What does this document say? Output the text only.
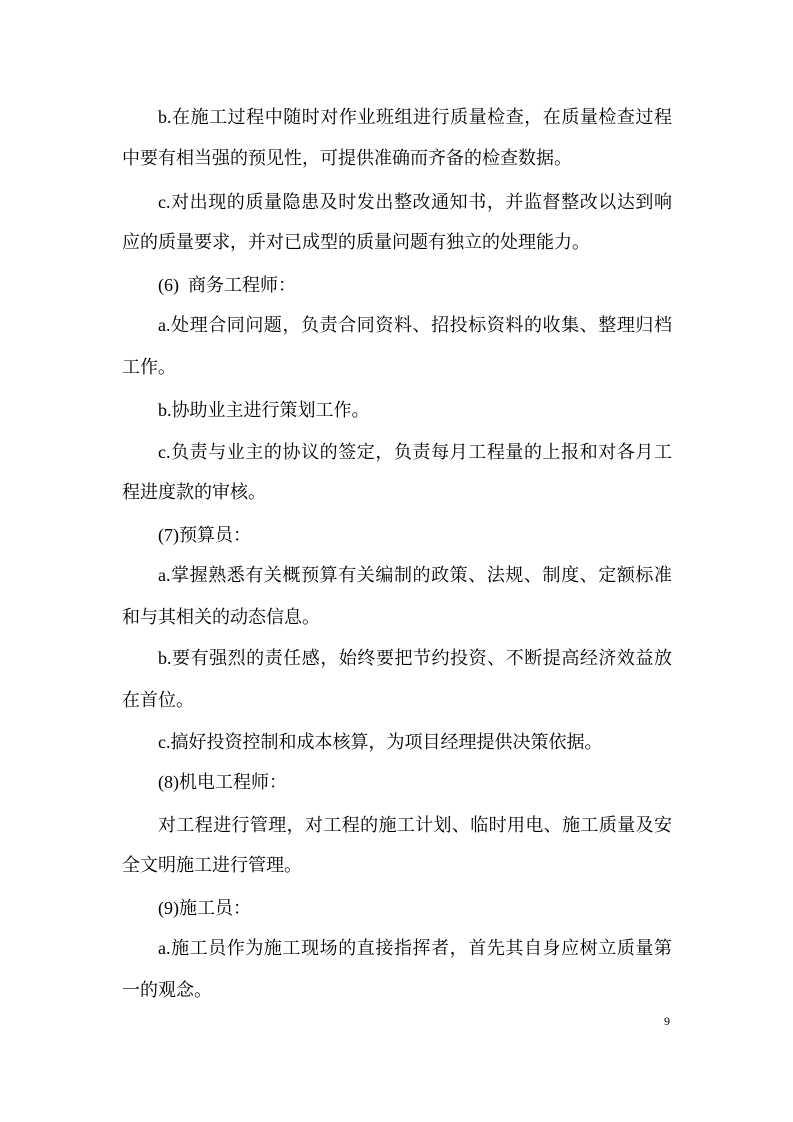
b.在施工过程中随时对作业班组进行质量检查，在质量检查过程

中要有相当强的预见性，可提供准确而齐备的检查数据。

c.对出现的质量隐患及时发出整改通知书，并监督整改以达到响

应的质量要求，并对已成型的质量问题有独立的处理能力。

(6)  商务工程师：

a.处理合同问题，负责合同资料、招投标资料的收集、整理归档

工作。

b.协助业主进行策划工作。

c.负责与业主的协议的签定，负责每月工程量的上报和对各月工

程进度款的审核。

(7)预算员：

a.掌握熟悉有关概预算有关编制的政策、法规、制度、定额标准

和与其相关的动态信息。

b.要有强烈的责任感，始终要把节约投资、不断提高经济效益放

在首位。

c.搞好投资控制和成本核算，为项目经理提供决策依据。

(8)机电工程师：

对工程进行管理，对工程的施工计划、临时用电、施工质量及安

全文明施工进行管理。

(9)施工员：

a.施工员作为施工现场的直接指挥者，首先其自身应树立质量第

一的观念。

9
